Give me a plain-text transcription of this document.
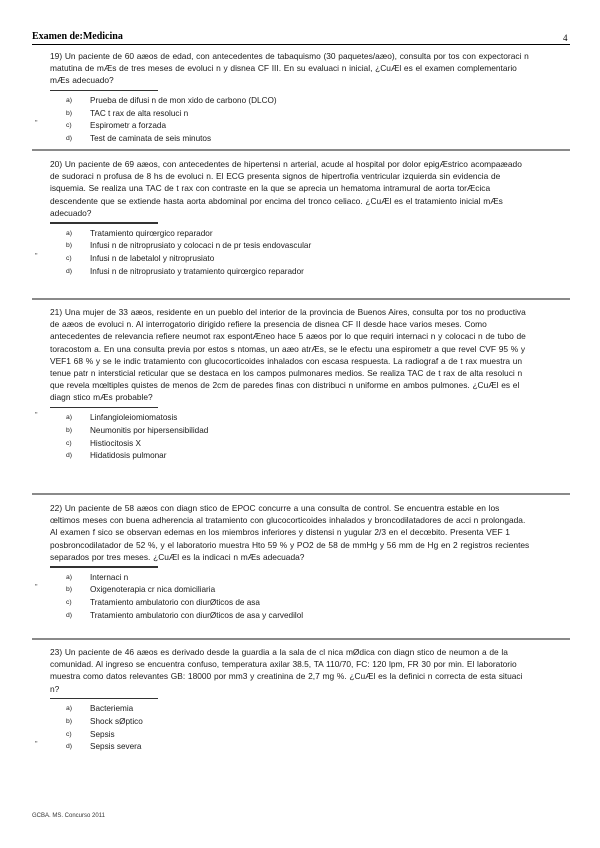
Examen de:Medicina	4

19) Un paciente de 60 aæos de edad, con antecedentes de tabaquismo (30 paquetes/aæo), consulta por tos con expectoraci n matutina de mÆs de tres meses de evoluci n y disnea CF III. En su evaluaci n inicial, ¿CuÆl es el examen complementario mÆs adecuado?

a) Prueba de difusi n de mon xido de carbono (DLCO)
b) TAC t rax de alta resoluci n
"	c) Espirometr a forzada
d) Test de caminata de seis minutos

20) Un paciente de 69 aæos, con antecedentes de hipertensi n arterial, acude al hospital por dolor epigÆstrico acompaæado de sudoraci n profusa de 8 hs de evoluci n. El ECG presenta signos de hipertrofia ventricular izquierda sin evidencia de isquemia. Se realiza una TAC de t rax con contraste en la que se aprecia un hematoma intramural de aorta torÆcica descendente que se extiende hasta aorta abdominal por encima del tronco celiaco. ¿CuÆl es el tratamiento inicial mÆs adecuado?

a) Tratamiento quirœrgico reparador
b) Infusi n de nitroprusiato y colocaci n de pr tesis endovascular
"	c) Infusi n de labetalol y nitroprusiato
d) Infusi n de nitroprusiato y tratamiento quirœrgico reparador

21) Una mujer de 33 aæos, residente en un pueblo del interior de la provincia de Buenos Aires, consulta por tos no productiva de aæos de evoluci n. Al interrogatorio dirigido refiere la presencia de disnea CF II desde hace varios meses. Como antecedentes de relevancia refiere neumot rax espontÆneo hace 5 aæos por lo que requiri internaci n y colocaci n de tubo de toracostom a. En una consulta previa por estos s ntomas, un aæo atrÆs, se le efectu una espirometr a que revel CVF 95 % y VEF1 68 % y se le indic tratamiento con glucocorticoides inhalados con escasa respuesta. La radiograf a de t rax muestra un tenue patr n intersticial reticular que se destaca en los campos pulmonares medios. Se realiza TAC de t rax de alta resoluci n que revela mœltiples quistes de menos de 2cm de paredes finas con distribuci n uniforme en ambos pulmones. ¿CuÆl es el diagn stico mÆs probable?

"	a) Linfangioleiomiomatosis
b) Neumonitis por hipersensibilidad
c) Histiocitosis X
d) Hidatidosis pulmonar

22) Un paciente de 58 aæos con diagn stico de EPOC concurre a una consulta de control. Se encuentra estable en los œltimos meses con buena adherencia al tratamiento con glucocorticoides inhalados y broncodilatadores de acci n prolongada. Al examen f sico se observan edemas en los miembros inferiores y distensi n yugular 2/3 en el decœbito. Presenta VEF 1 posbroncodilatador de 52 %, y el laboratorio muestra Hto 59 % y PO2 de 58 de mmHg y 56 mm de Hg en 2 registros recientes separados por tres meses. ¿CuÆl es la indicaci n mÆs adecuada?

a) Internaci n
"	b) Oxigenoterapia cr nica domiciliaria
c) Tratamiento ambulatorio con diurØticos de asa
d) Tratamiento ambulatorio con diurØticos de asa y carvedilol

23) Un paciente de 46 aæos es derivado desde la guardia a la sala de cl nica mØdica con diagn stico de neumon a de la comunidad. Al ingreso se encuentra confuso, temperatura axilar 38.5, TA 110/70, FC: 120 lpm, FR 30 por min. El laboratorio muestra como datos relevantes GB: 18000 por mm3 y creatinina de 2,7 mg %. ¿CuÆl es la definici n correcta de esta situaci n?

a) Bacteriemia
b) Shock sØptico
c) Sepsis
"	d) Sepsis severa
GCBA. MS. Concurso 2011
